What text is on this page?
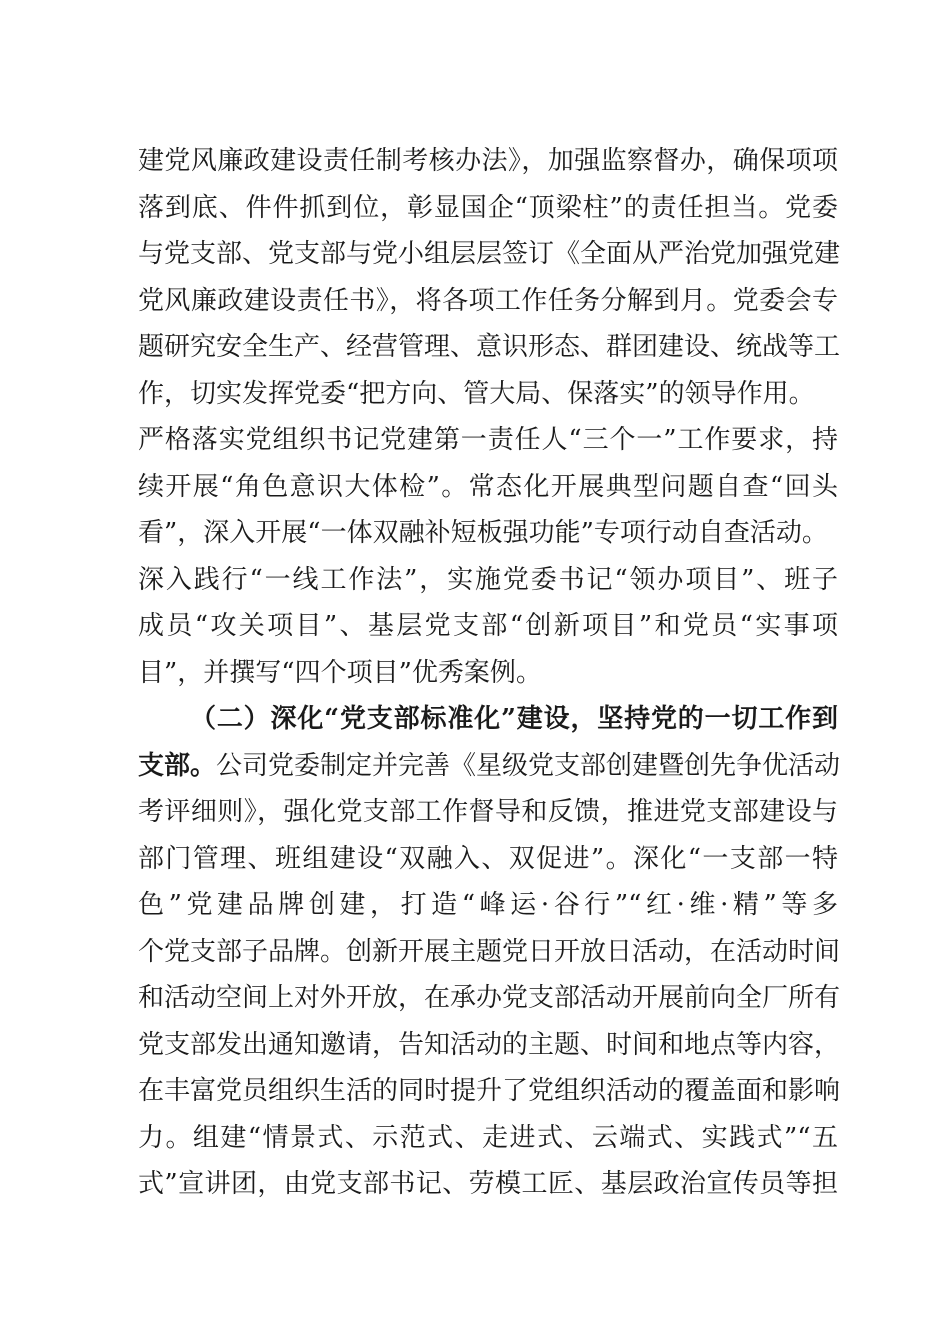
建党风廉政建设责任制考核办法》，加强监察督办，确保项项
落到底、件件抓到位，彰显国企“顶梁柱”的责任担当。党委
与党支部、党支部与党小组层层签订《全面从严治党加强党建
党风廉政建设责任书》，将各项工作任务分解到月。党委会专
题研究安全生产、经营管理、意识形态、群团建设、统战等工
作，切实发挥党委“把方向、管大局、保落实”的领导作用。
严格落实党组织书记党建第一责任人“三个一”工作要求，持
续开展“角色意识大体检”。常态化开展典型问题自查“回头
看”，深入开展“一体双融补短板强功能”专项行动自查活动。
深入践行“一线工作法”，实施党委书记“领办项目”、班子
成员“攻关项目”、基层党支部“创新项目”和党员“实事项
目”，并撰写“四个项目”优秀案例。
（二）深化“党支部标准化”建设，坚持党的一切工作到
支部。公司党委制定并完善《星级党支部创建暨创先争优活动
考评细则》，强化党支部工作督导和反馈，推进党支部建设与
部门管理、班组建设“双融入、双促进”。深化“一支部一特
色”党建品牌创建，打造“峰运·谷行”“红·维·精”等多
个党支部子品牌。创新开展主题党日开放日活动，在活动时间
和活动空间上对外开放，在承办党支部活动开展前向全厂所有
党支部发出通知邀请，告知活动的主题、时间和地点等内容，
在丰富党员组织生活的同时提升了党组织活动的覆盖面和影响
力。组建“情景式、示范式、走进式、云端式、实践式”“五
式”宣讲团，由党支部书记、劳模工匠、基层政治宣传员等担
